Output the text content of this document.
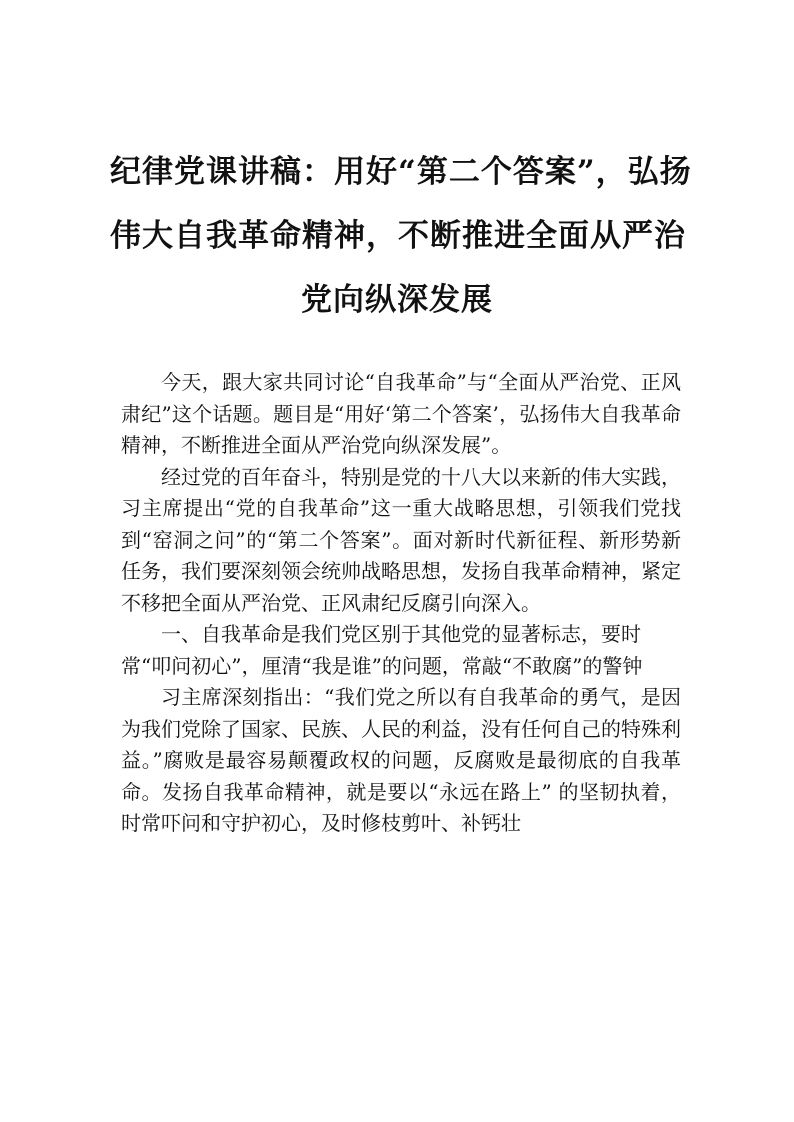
纪律党课讲稿：用好“第二个答案”，弘扬
伟大自我革命精神，不断推进全面从严治
党向纵深发展

今天，跟大家共同讨论“自我革命”与“全面从严治党、正风肃纪”这个话题。题目是“用好‘第二个答案’，弘扬伟大自我革命精神，不断推进全面从严治党向纵深发展”。

经过党的百年奋斗，特别是党的十八大以来新的伟大实践，习主席提出“党的自我革命”这一重大战略思想，引领我们党找到“窑洞之问”的“第二个答案”。面对新时代新征程、新形势新任务，我们要深刻领会统帅战略思想，发扬自我革命精神，紧定不移把全面从严治党、正风肃纪反腐引向深入。

一、自我革命是我们党区别于其他党的显著标志，要时常“叩问初心”，厘清“我是谁”的问题，常敲“不敢腐”的警钟

习主席深刻指出：“我们党之所以有自我革命的勇气，是因为我们党除了国家、民族、人民的利益，没有任何自己的特殊利益。”腐败是最容易颠覆政权的问题，反腐败是最彻底的自我革命。发扬自我革命精神，就是要以“永远在路上” 的坚韧执着，时常吓问和守护初心，及时修枝剪叶、补钙壮
